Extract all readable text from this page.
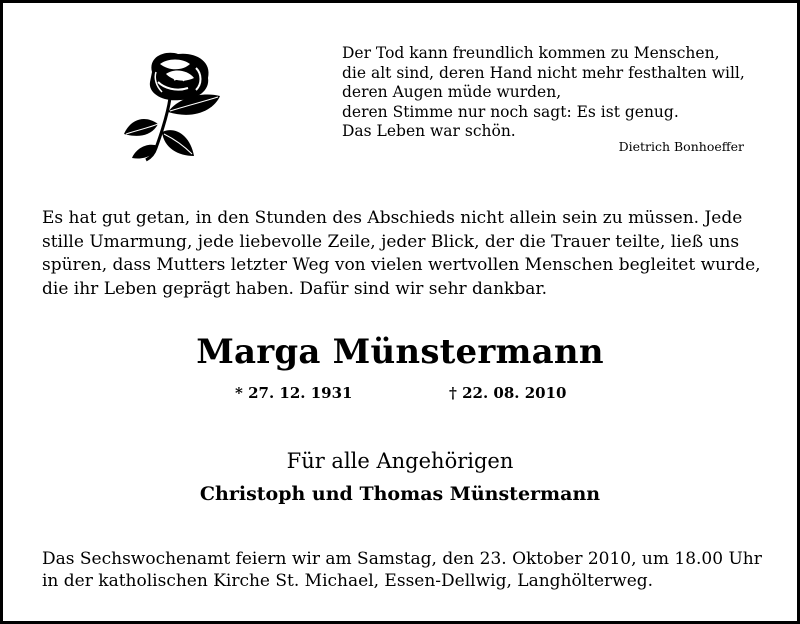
Der Tod kann freundlich kommen zu Menschen,
die alt sind, deren Hand nicht mehr festhalten will,
deren Augen müde wurden,
deren Stimme nur noch sagt: Es ist genug.
Das Leben war schön.
Dietrich Bonhoeffer
Es hat gut getan, in den Stunden des Abschieds nicht allein sein zu müssen. Jede
stille Umarmung, jede liebevolle Zeile, jeder Blick, der die Trauer teilte, ließ uns
spüren, dass Mutters letzter Weg von vielen wertvollen Menschen begleitet wurde,
die ihr Leben geprägt haben. Dafür sind wir sehr dankbar.
Marga Münstermann
* 27. 12. 1931	† 22. 08. 2010
Für alle Angehörigen
Christoph und Thomas Münstermann
Das Sechswochenamt feiern wir am Samstag, den 23. Oktober 2010, um 18.00 Uhr
in der katholischen Kirche St. Michael, Essen-Dellwig, Langhölterweg.
